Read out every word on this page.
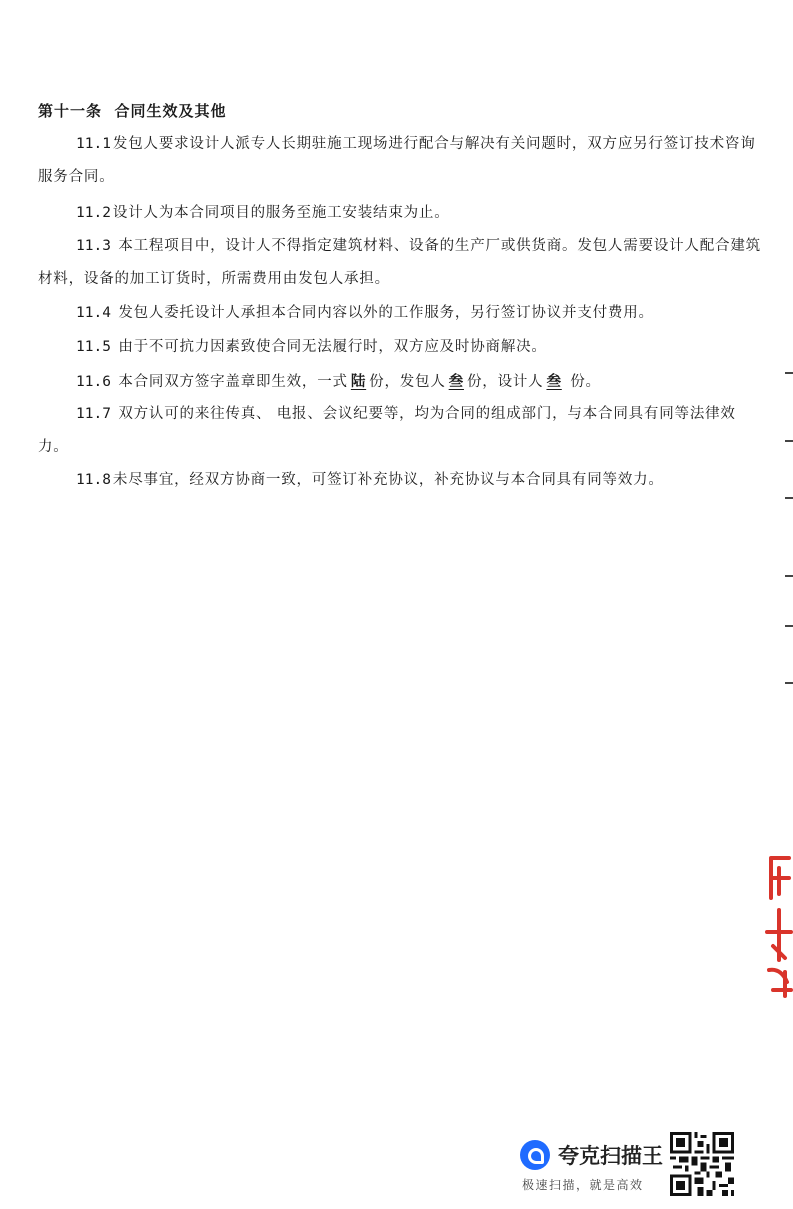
第十一条  合同生效及其他
11.1 发包人要求设计人派专人长期驻施工现场进行配合与解决有关问题时，双方应另行签订技术咨询服务合同。
11.2 设计人为本合同项目的服务至施工安装结束为止。
11.3 本工程项目中，设计人不得指定建筑材料、设备的生产厂或供货商。发包人需要设计人配合建筑材料，设备的加工订货时，所需费用由发包人承担。
11.4 发包人委托设计人承担本合同内容以外的工作服务，另行签订协议并支付费用。
11.5 由于不可抗力因素致使合同无法履行时，双方应及时协商解决。
11.6 本合同双方签字盖章即生效，一式 陆 份，发包人 叁 份，设计人 叁 份。
11.7 双方认可的来往传真、 电报、会议纪要等，均为合同的组成部门，与本合同具有同等法律效力。
11.8 未尽事宜，经双方协商一致，可签订补充协议，补充协议与本合同具有同等效力。
夸克扫描王
极速扫描，就是高效
